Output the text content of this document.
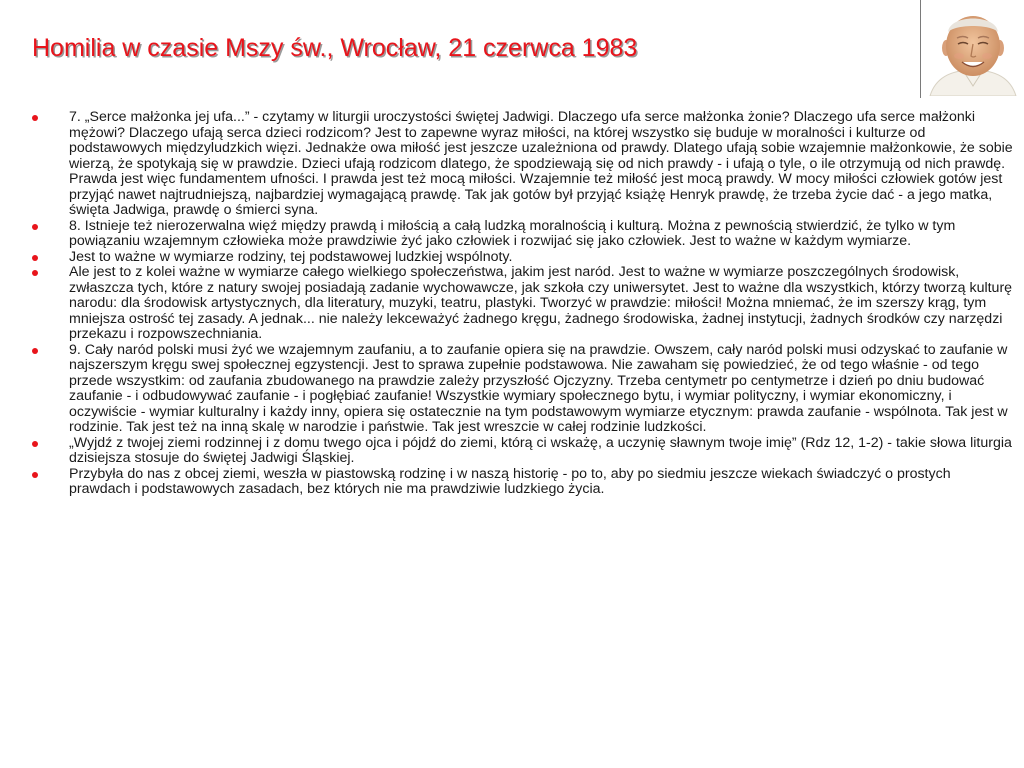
Homilia w czasie Mszy św., Wrocław, 21 czerwca 1983
7. „Serce małżonka jej ufa...” - czytamy w liturgii uroczystości świętej Jadwigi. Dlaczego ufa serce małżonka żonie? Dlaczego ufa serce małżonki mężowi? Dlaczego ufają serca dzieci rodzicom? Jest to zapewne wyraz miłości, na której wszystko się buduje w moralności i kulturze od podstawowych międzyludzkich więzi. Jednakże owa miłość jest jeszcze uzależniona od prawdy. Dlatego ufają sobie wzajemnie małżonkowie, że sobie wierzą, że spotykają się w prawdzie. Dzieci ufają rodzicom dlatego, że spodziewają się od nich prawdy - i ufają o tyle, o ile otrzymują od nich prawdę. Prawda jest więc fundamentem ufności. I prawda jest też mocą miłości. Wzajemnie też miłość jest mocą prawdy. W mocy miłości człowiek gotów jest przyjąć nawet najtrudniejszą, najbardziej wymagającą prawdę. Tak jak gotów był przyjąć książę Henryk prawdę, że trzeba życie dać - a jego matka, święta Jadwiga, prawdę o śmierci syna.
8. Istnieje też nierozerwalna więź między prawdą i miłością a całą ludzką moralnością i kulturą. Można z pewnością stwierdzić, że tylko w tym powiązaniu wzajemnym człowieka może prawdziwie żyć jako człowiek i rozwijać się jako człowiek. Jest to ważne w każdym wymiarze.
Jest to ważne w wymiarze rodziny, tej podstawowej ludzkiej wspólnoty.
Ale jest to z kolei ważne w wymiarze całego wielkiego społeczeństwa, jakim jest naród. Jest to ważne w wymiarze poszczególnych środowisk, zwłaszcza tych, które z natury swojej posiadają zadanie wychowawcze, jak szkoła czy uniwersytet. Jest to ważne dla wszystkich, którzy tworzą kulturę narodu: dla środowisk artystycznych, dla literatury, muzyki, teatru, plastyki. Tworzyć w prawdzie: miłości! Można mniemać, że im szerszy krąg, tym mniejsza ostrość tej zasady. A jednak... nie należy lekceważyć żadnego kręgu, żadnego środowiska, żadnej instytucji, żadnych środków czy narzędzi przekazu i rozpowszechniania.
9. Cały naród polski musi żyć we wzajemnym zaufaniu, a to zaufanie opiera się na prawdzie. Owszem, cały naród polski musi odzyskać to zaufanie w najszerszym kręgu swej społecznej egzystencji. Jest to sprawa zupełnie podstawowa. Nie zawaham się powiedzieć, że od tego właśnie - od tego przede wszystkim: od zaufania zbudowanego na prawdzie zależy przyszłość Ojczyzny. Trzeba centymetr po centymetrze i dzień po dniu budować zaufanie - i odbudowywać zaufanie - i pogłębiać zaufanie! Wszystkie wymiary społecznego bytu, i wymiar polityczny, i wymiar ekonomiczny, i oczywiście - wymiar kulturalny i każdy inny, opiera się ostatecznie na tym podstawowym wymiarze etycznym: prawda zaufanie - wspólnota. Tak jest w rodzinie. Tak jest też na inną skalę w narodzie i państwie. Tak jest wreszcie w całej rodzinie ludzkości.
„Wyjdź z twojej ziemi rodzinnej i z domu twego ojca i pójdź do ziemi, którą ci wskażę, a uczynię sławnym twoje imię” (Rdz 12, 1-2) - takie słowa liturgia dzisiejsza stosuje do świętej Jadwigi Śląskiej.
Przybyła do nas z obcej ziemi, weszła w piastowską rodzinę i w naszą historię - po to, aby po siedmiu jeszcze wiekach świadczyć o prostych prawdach i podstawowych zasadach, bez których nie ma prawdziwie ludzkiego życia.
